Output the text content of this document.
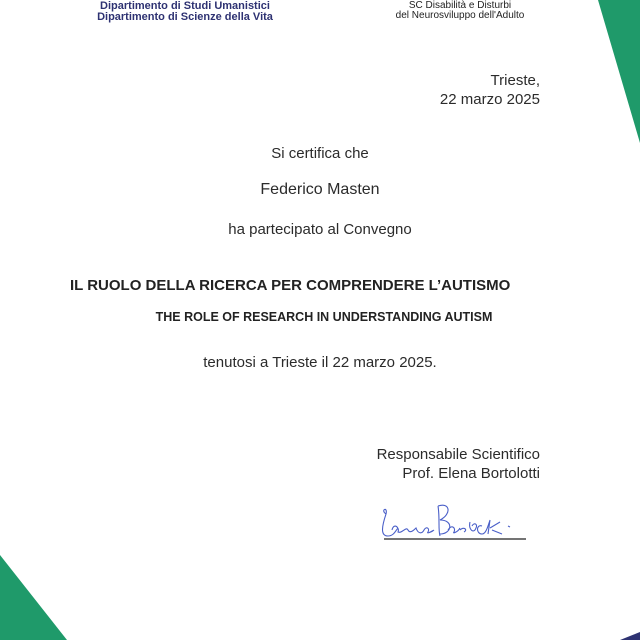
Dipartimento di Studi Umanistici
Dipartimento di Scienze della Vita
SC Disabilità e Disturbi
del Neurosviluppo dell'Adulto
Trieste,
22 marzo 2025
Si certifica che
Federico Masten
ha partecipato al Convegno
IL RUOLO DELLA RICERCA PER COMPRENDERE L’AUTISMO
THE ROLE OF RESEARCH IN UNDERSTANDING AUTISM
tenutosi a Trieste il 22 marzo 2025.
Responsabile Scientifico
Prof. Elena Bortolotti
